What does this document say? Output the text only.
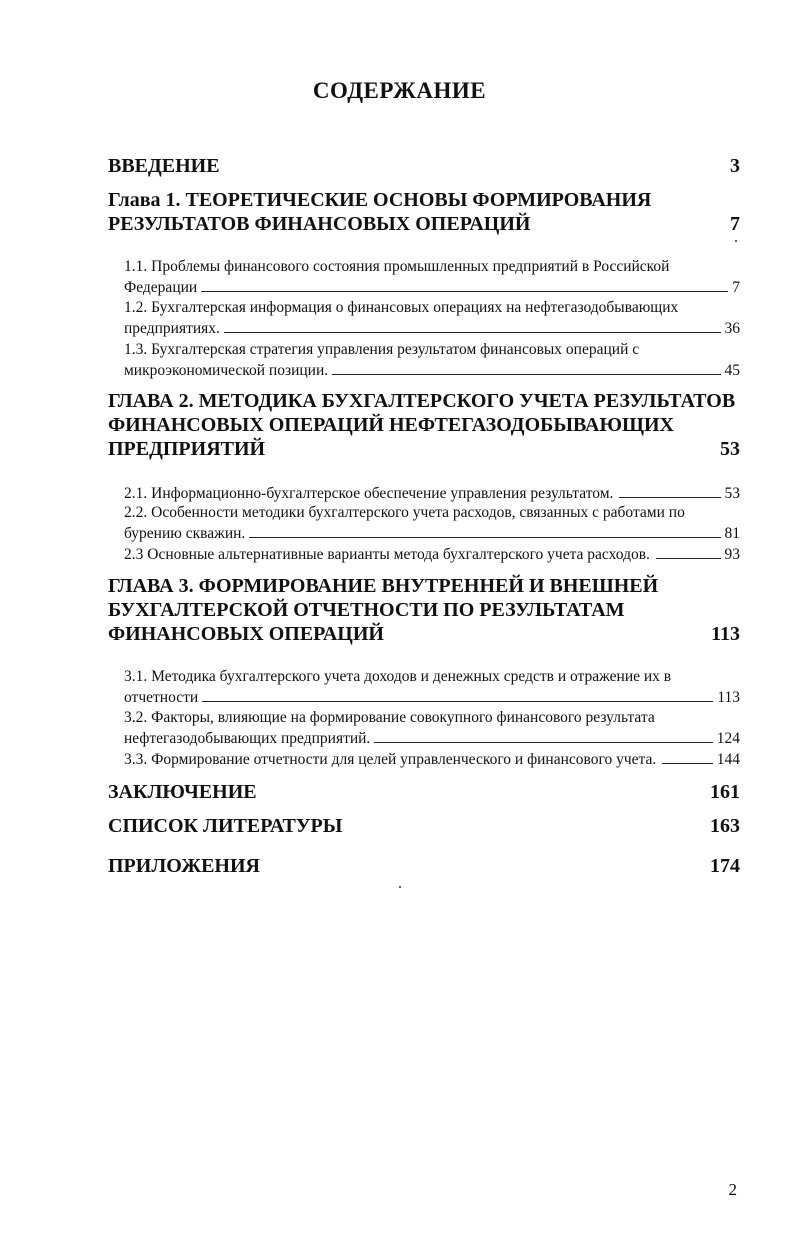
СОДЕРЖАНИЕ
ВВЕДЕНИЕ	3
Глава 1. ТЕОРЕТИЧЕСКИЕ ОСНОВЫ ФОРМИРОВАНИЯ
РЕЗУЛЬТАТОВ ФИНАНСОВЫХ ОПЕРАЦИЙ	7
1.1. Проблемы финансового состояния промышленных предприятий в Российской
Федерации	7
1.2. Бухгалтерская информация о финансовых операциях на нефтегазодобывающих
предприятиях.	36
1.3. Бухгалтерская стратегия управления результатом финансовых операций с
микроэкономической позиции.	45
ГЛАВА 2. МЕТОДИКА БУХГАЛТЕРСКОГО УЧЕТА РЕЗУЛЬТАТОВ
ФИНАНСОВЫХ ОПЕРАЦИЙ НЕФТЕГАЗОДОБЫВАЮЩИХ
ПРЕДПРИЯТИЙ	53
2.1. Информационно-бухгалтерское обеспечение управления результатом.	53
2.2. Особенности методики бухгалтерского учета расходов, связанных с работами по
бурению скважин.	81
2.3 Основные альтернативные варианты метода бухгалтерского учета расходов.	93
ГЛАВА 3. ФОРМИРОВАНИЕ ВНУТРЕННЕЙ И ВНЕШНЕЙ
БУХГАЛТЕРСКОЙ ОТЧЕТНОСТИ ПО РЕЗУЛЬТАТАМ
ФИНАНСОВЫХ ОПЕРАЦИЙ	113
3.1. Методика бухгалтерского учета доходов и денежных средств и отражение их в
отчетности	113
3.2. Факторы, влияющие на формирование совокупного финансового результата
нефтегазодобывающих предприятий.	124
3.3. Формирование отчетности для целей управленческого и финансового учета.	144
ЗАКЛЮЧЕНИЕ	161
СПИСОК ЛИТЕРАТУРЫ	163
ПРИЛОЖЕНИЯ	174
2
